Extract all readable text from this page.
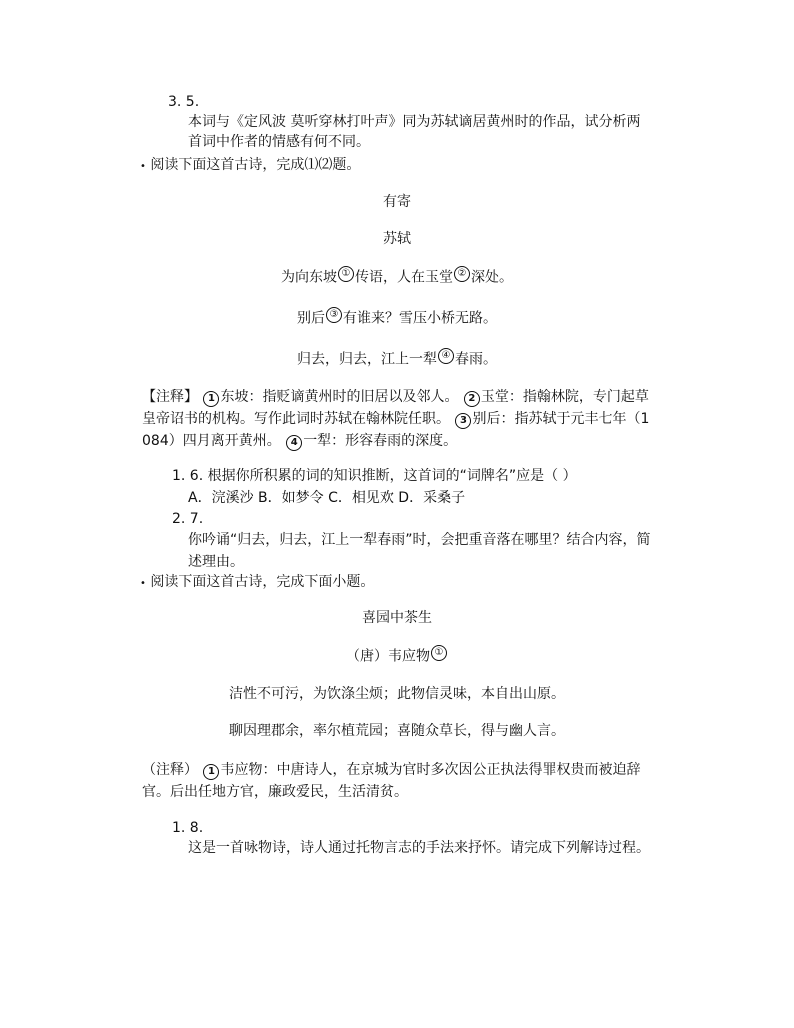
3. 5.
本词与《定风波 莫听穿林打叶声》同为苏轼谪居黄州时的作品，试分析两
首词中作者的情感有何不同。
• 阅读下面这首古诗，完成⑴⑵题。
有寄
苏轼
为向东坡 ① 传语，人在玉堂 ② 深处。
别后 ③ 有谁来？雪压小桥无路。
归去，归去，江上一犁 ④ 春雨。
【注释】 1 东坡：指贬谪黄州时的旧居以及邻人。 2 玉堂：指翰林院，专门起草
皇帝诏书的机构。写作此词时苏轼在翰林院任职。 3 别后：指苏轼于元丰七年（1
084）四月离开黄州。 4 一犁：形容春雨的深度。
1. 6. 根据你所积累的词的知识推断，这首词的“词牌名”应是（ ）
A．浣溪沙 B．如梦令 C．相见欢 D．采桑子
2. 7.
你吟诵“归去，归去，江上一犁春雨”时，会把重音落在哪里？结合内容，简
述理由。
• 阅读下面这首古诗，完成下面小题。
喜园中茶生
（唐）韦应物 ①
洁性不可污，为饮涤尘烦；此物信灵味，本自出山原。
聊因理郡余，率尔植荒园；喜随众草长，得与幽人言。
（注释） 1 韦应物：中唐诗人，在京城为官时多次因公正执法得罪权贵而被迫辞
官。后出任地方官，廉政爱民，生活清贫。
1. 8.
这是一首咏物诗，诗人通过托物言志的手法来抒怀。请完成下列解诗过程。
